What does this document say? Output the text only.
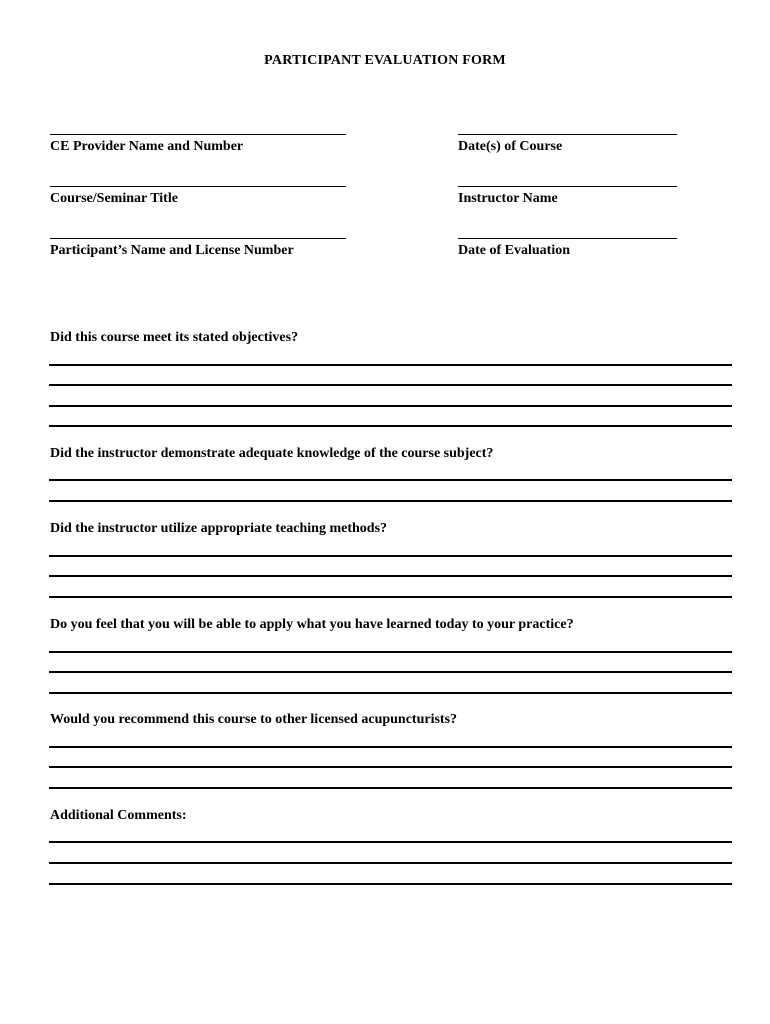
PARTICIPANT EVALUATION FORM
CE Provider Name and Number	Date(s) of Course
Course/Seminar Title	Instructor Name
Participant’s Name and License Number	Date of Evaluation
Did this course meet its stated objectives?
Did the instructor demonstrate adequate knowledge of the course subject?
Did the instructor utilize appropriate teaching methods?
Do you feel that you will be able to apply what you have learned today to your practice?
Would you recommend this course to other licensed acupuncturists?
Additional Comments:
